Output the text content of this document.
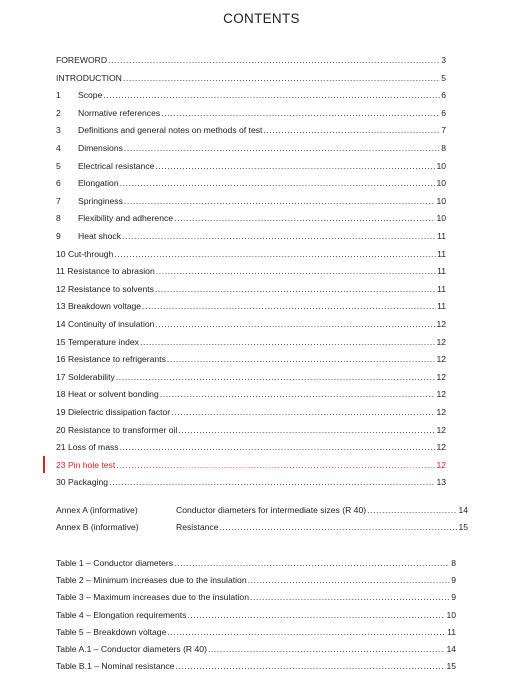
CONTENTS
FOREWORD .....	3
INTRODUCTION .....	5
1	Scope .....	6
2	Normative references .....	6
3	Definitions and general notes on methods of test .....	7
4	Dimensions .....	8
5	Electrical resistance .....	10
6	Elongation .....	10
7	Springiness .....	10
8	Flexibility and adherence .....	10
9	Heat shock .....	11
10 Cut-through .....	11
11 Resistance to abrasion .....	11
12 Resistance to solvents .....	11
13 Breakdown voltage .....	11
14 Continuity of insulation .....	12
15 Temperature index .....	12
16 Resistance to refrigerants .....	12
17 Solderability .....	12
18 Heat or solvent bonding .....	12
19 Dielectric dissipation factor .....	12
20 Resistance to transformer oil .....	12
21 Loss of mass .....	12
23 Pin hole test .....	12
30 Packaging .....	13
Annex A (informative)	Conductor diameters for intermediate sizes (R 40) .....	14
Annex B (informative)	Resistance .....	15
Table 1 – Conductor diameters .....	8
Table 2 – Minimum increases due to the insulation .....	9
Table 3 – Maximum increases due to the insulation .....	9
Table 4 – Elongation requirements .....	10
Table 5 – Breakdown voltage .....	11
Table A.1 – Conductor diameters (R 40) .....	14
Table B.1 – Nominal resistance .....	15
